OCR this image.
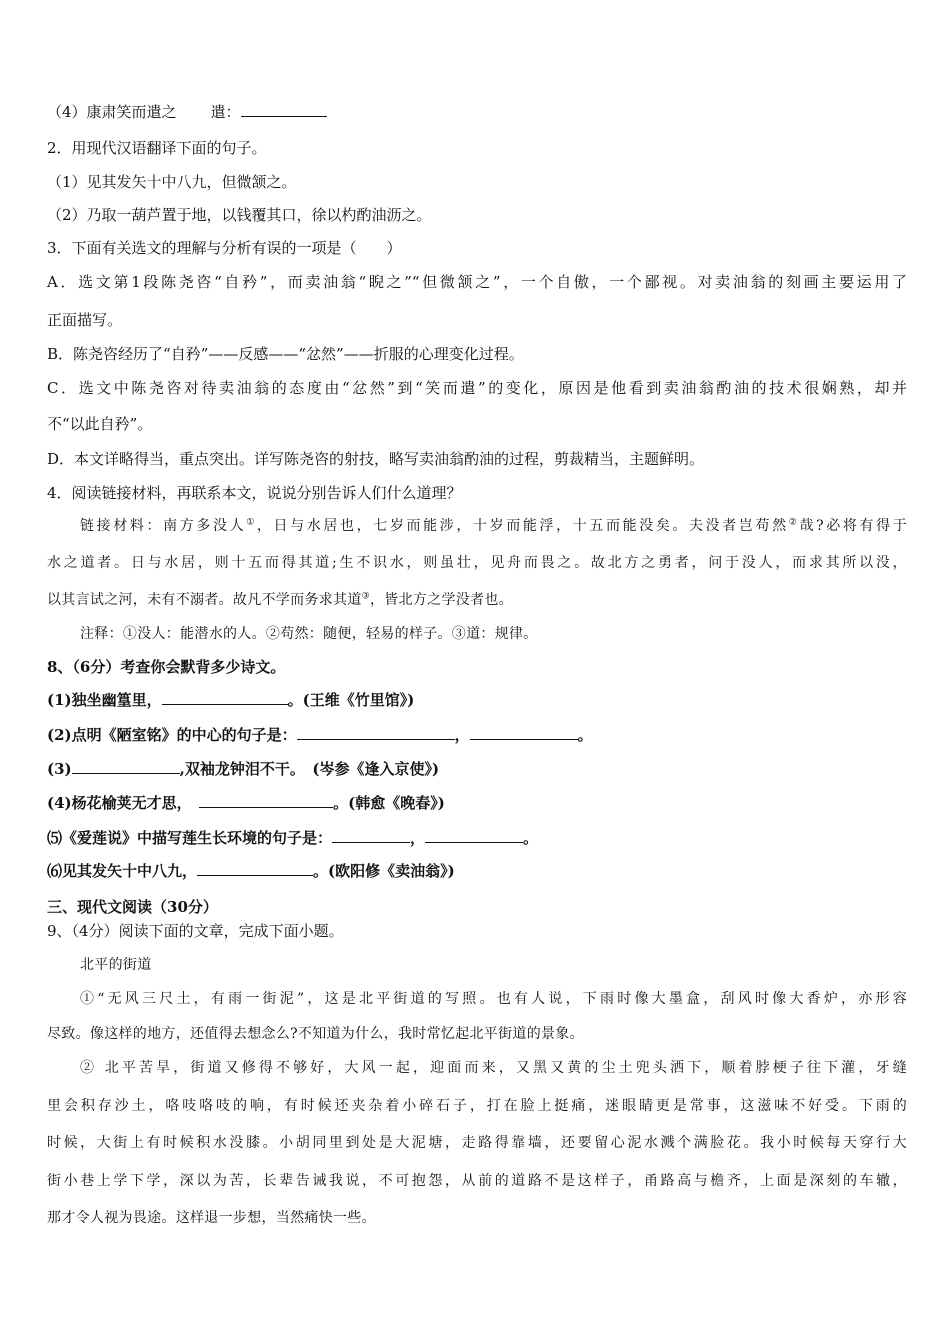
（4）康肃笑而遣之 遣：
2．用现代汉语翻译下面的句子。
（1）见其发矢十中八九，但微颔之。
（2）乃取一葫芦置于地，以钱覆其口，徐以杓酌油沥之。
3．下面有关选文的理解与分析有误的一项是（　　）
A．选文第1段陈尧咨“自矜”，而卖油翁“睨之”“但微颔之”，一个自傲，一个鄙视。对卖油翁的刻画主要运用了
正面描写。
B．陈尧咨经历了“自矜”——反感——“忿然”——折服的心理变化过程。
C．选文中陈尧咨对待卖油翁的态度由“忿然”到“笑而遣”的变化，原因是他看到卖油翁酌油的技术很娴熟，却并
不“以此自矜”。
D．本文详略得当，重点突出。详写陈尧咨的射技，略写卖油翁酌油的过程，剪裁精当，主题鲜明。
4．阅读链接材料，再联系本文，说说分别告诉人们什么道理？
链接材料：南方多没人①，日与水居也，七岁而能涉，十岁而能浮，十五而能没矣。夫没者岂苟然②哉?必将有得于
水之道者。日与水居，则十五而得其道;生不识水，则虽壮，见舟而畏之。故北方之勇者，问于没人，而求其所以没，
以其言试之河，未有不溺者。故凡不学而务求其道③，皆北方之学没者也。
注释：①没人：能潜水的人。②苟然：随便，轻易的样子。③道：规律。
8、（6分）考查你会默背多少诗文。
(1)独坐幽篁里，	。(王维《竹里馆》)
(2)点明《陋室铭》的中心的句子是：	，	。
(3)	,双袖龙钟泪不干。　(岑参《逢入京使》)
(4)杨花榆荚无才思，　	。(韩愈《晚春》)
⑸《爱莲说》中描写莲生长环境的句子是：	，	。
⑹见其发矢十中八九，	。(欧阳修《卖油翁》)
三、现代文阅读（30分）
9、（4分）阅读下面的文章，完成下面小题。
北平的街道
①“无风三尺土，有雨一街泥”，这是北平街道的写照。也有人说，下雨时像大墨盒，刮风时像大香炉，亦形容
尽致。像这样的地方，还值得去想念么?不知道为什么，我时常忆起北平街道的景象。
② 北平苦旱，街道又修得不够好，大风一起，迎面而来，又黑又黄的尘土兜头洒下，顺着脖梗子往下灌，牙缝
里会积存沙土，咯吱咯吱的响，有时候还夹杂着小碎石子，打在脸上挺痛，迷眼睛更是常事，这滋味不好受。下雨的
时候，大街上有时候积水没膝。小胡同里到处是大泥塘，走路得靠墙，还要留心泥水溅个满脸花。我小时候每天穿行大
街小巷上学下学，深以为苦，长辈告诫我说，不可抱怨，从前的道路不是这样子，甬路高与檐齐，上面是深刻的车辙，
那才令人视为畏途。这样退一步想，当然痛快一些。
